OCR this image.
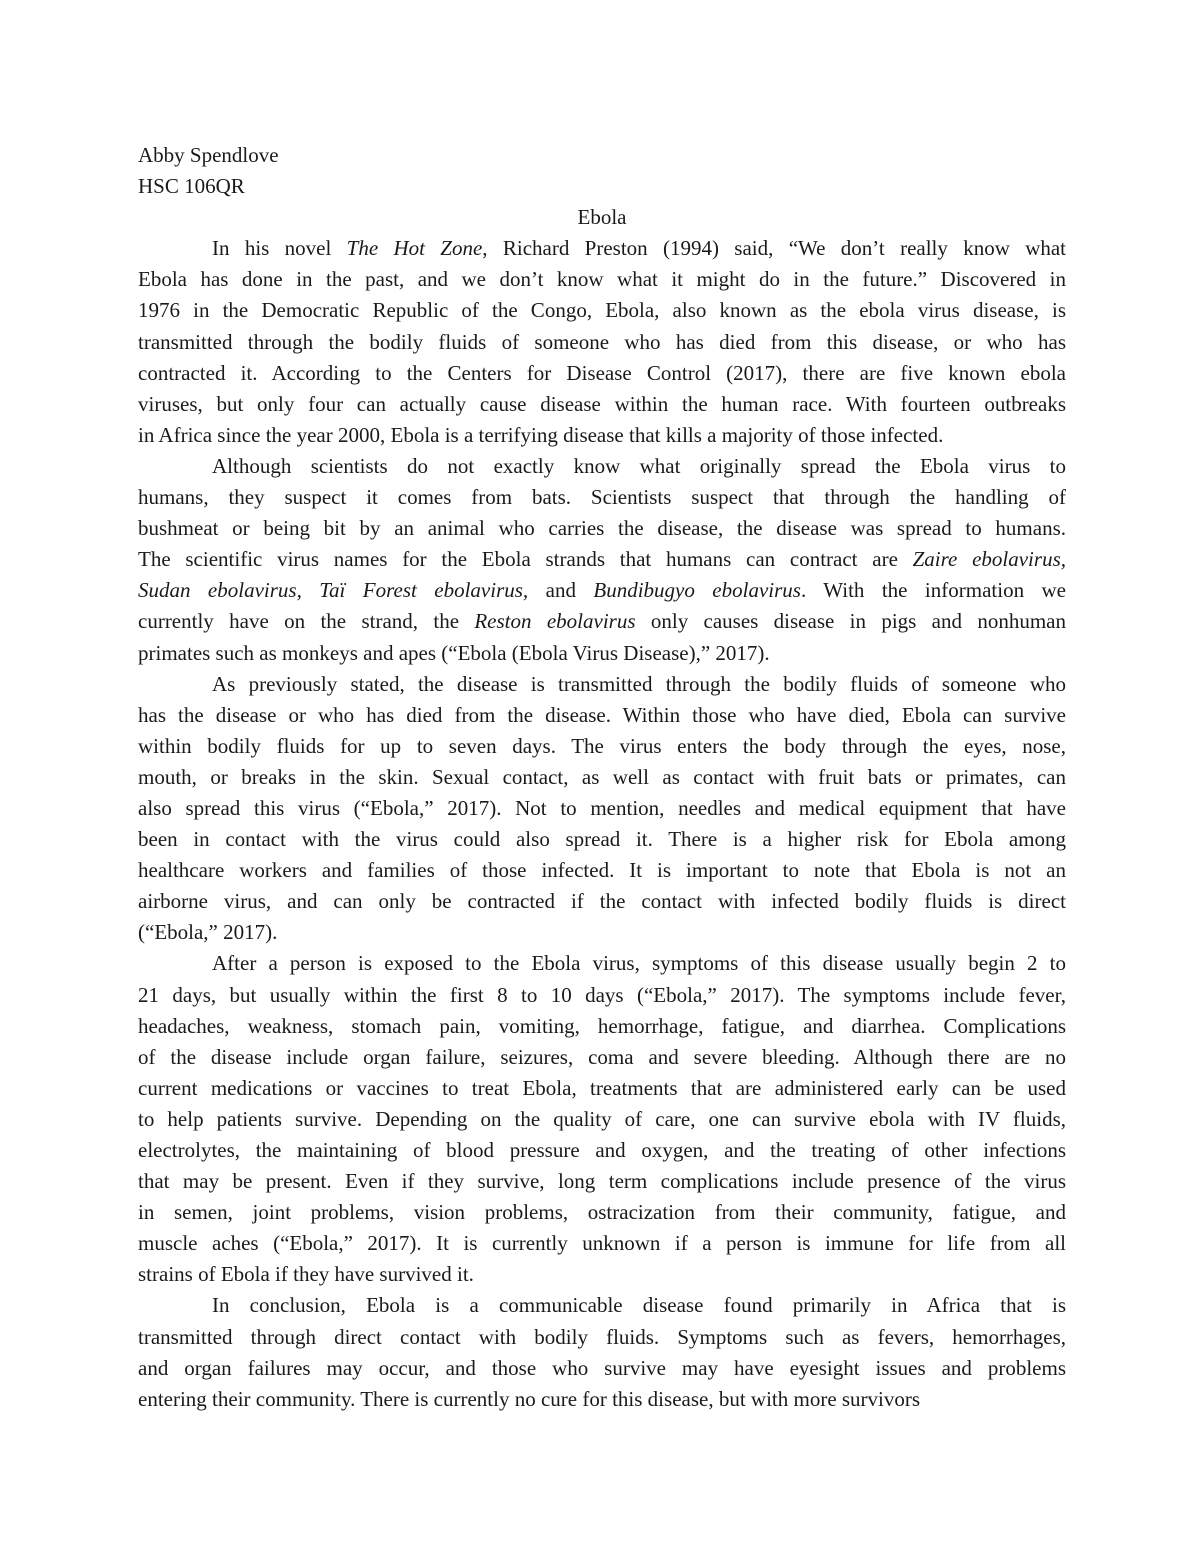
Abby Spendlove

HSC 106QR

Ebola

In his novel The Hot Zone, Richard Preston (1994) said, “We don’t really know what
Ebola has done in the past, and we don’t know what it might do in the future.” Discovered in
1976 in the Democratic Republic of the Congo, Ebola, also known as the ebola virus disease, is
transmitted through the bodily fluids of someone who has died from this disease, or who has
contracted it. According to the Centers for Disease Control (2017), there are five known ebola
viruses, but only four can actually cause disease within the human race. With fourteen outbreaks
in Africa since the year 2000, Ebola is a terrifying disease that kills a majority of those infected.

Although scientists do not exactly know what originally spread the Ebola virus to
humans, they suspect it comes from bats. Scientists suspect that through the handling of
bushmeat or being bit by an animal who carries the disease, the disease was spread to humans.
The scientific virus names for the Ebola strands that humans can contract are Zaire ebolavirus,
Sudan ebolavirus, Taï Forest ebolavirus, and Bundibugyo ebolavirus. With the information we
currently have on the strand, the Reston ebolavirus only causes disease in pigs and nonhuman
primates such as monkeys and apes (“Ebola (Ebola Virus Disease),” 2017).

As previously stated, the disease is transmitted through the bodily fluids of someone who
has the disease or who has died from the disease. Within those who have died, Ebola can survive
within bodily fluids for up to seven days. The virus enters the body through the eyes, nose,
mouth, or breaks in the skin. Sexual contact, as well as contact with fruit bats or primates, can
also spread this virus (“Ebola,” 2017). Not to mention, needles and medical equipment that have
been in contact with the virus could also spread it. There is a higher risk for Ebola among
healthcare workers and families of those infected. It is important to note that Ebola is not an
airborne virus, and can only be contracted if the contact with infected bodily fluids is direct
(“Ebola,” 2017).

After a person is exposed to the Ebola virus, symptoms of this disease usually begin 2 to
21 days, but usually within the first 8 to 10 days (“Ebola,” 2017). The symptoms include fever,
headaches, weakness, stomach pain, vomiting, hemorrhage, fatigue, and diarrhea. Complications
of the disease include organ failure, seizures, coma and severe bleeding. Although there are no
current medications or vaccines to treat Ebola, treatments that are administered early can be used
to help patients survive. Depending on the quality of care, one can survive ebola with IV fluids,
electrolytes, the maintaining of blood pressure and oxygen, and the treating of other infections
that may be present. Even if they survive, long term complications include presence of the virus
in semen, joint problems, vision problems, ostracization from their community, fatigue, and
muscle aches (“Ebola,” 2017). It is currently unknown if a person is immune for life from all
strains of Ebola if they have survived it.

In conclusion, Ebola is a communicable disease found primarily in Africa that is
transmitted through direct contact with bodily fluids. Symptoms such as fevers, hemorrhages,
and organ failures may occur, and those who survive may have eyesight issues and problems
entering their community. There is currently no cure for this disease, but with more survivors
